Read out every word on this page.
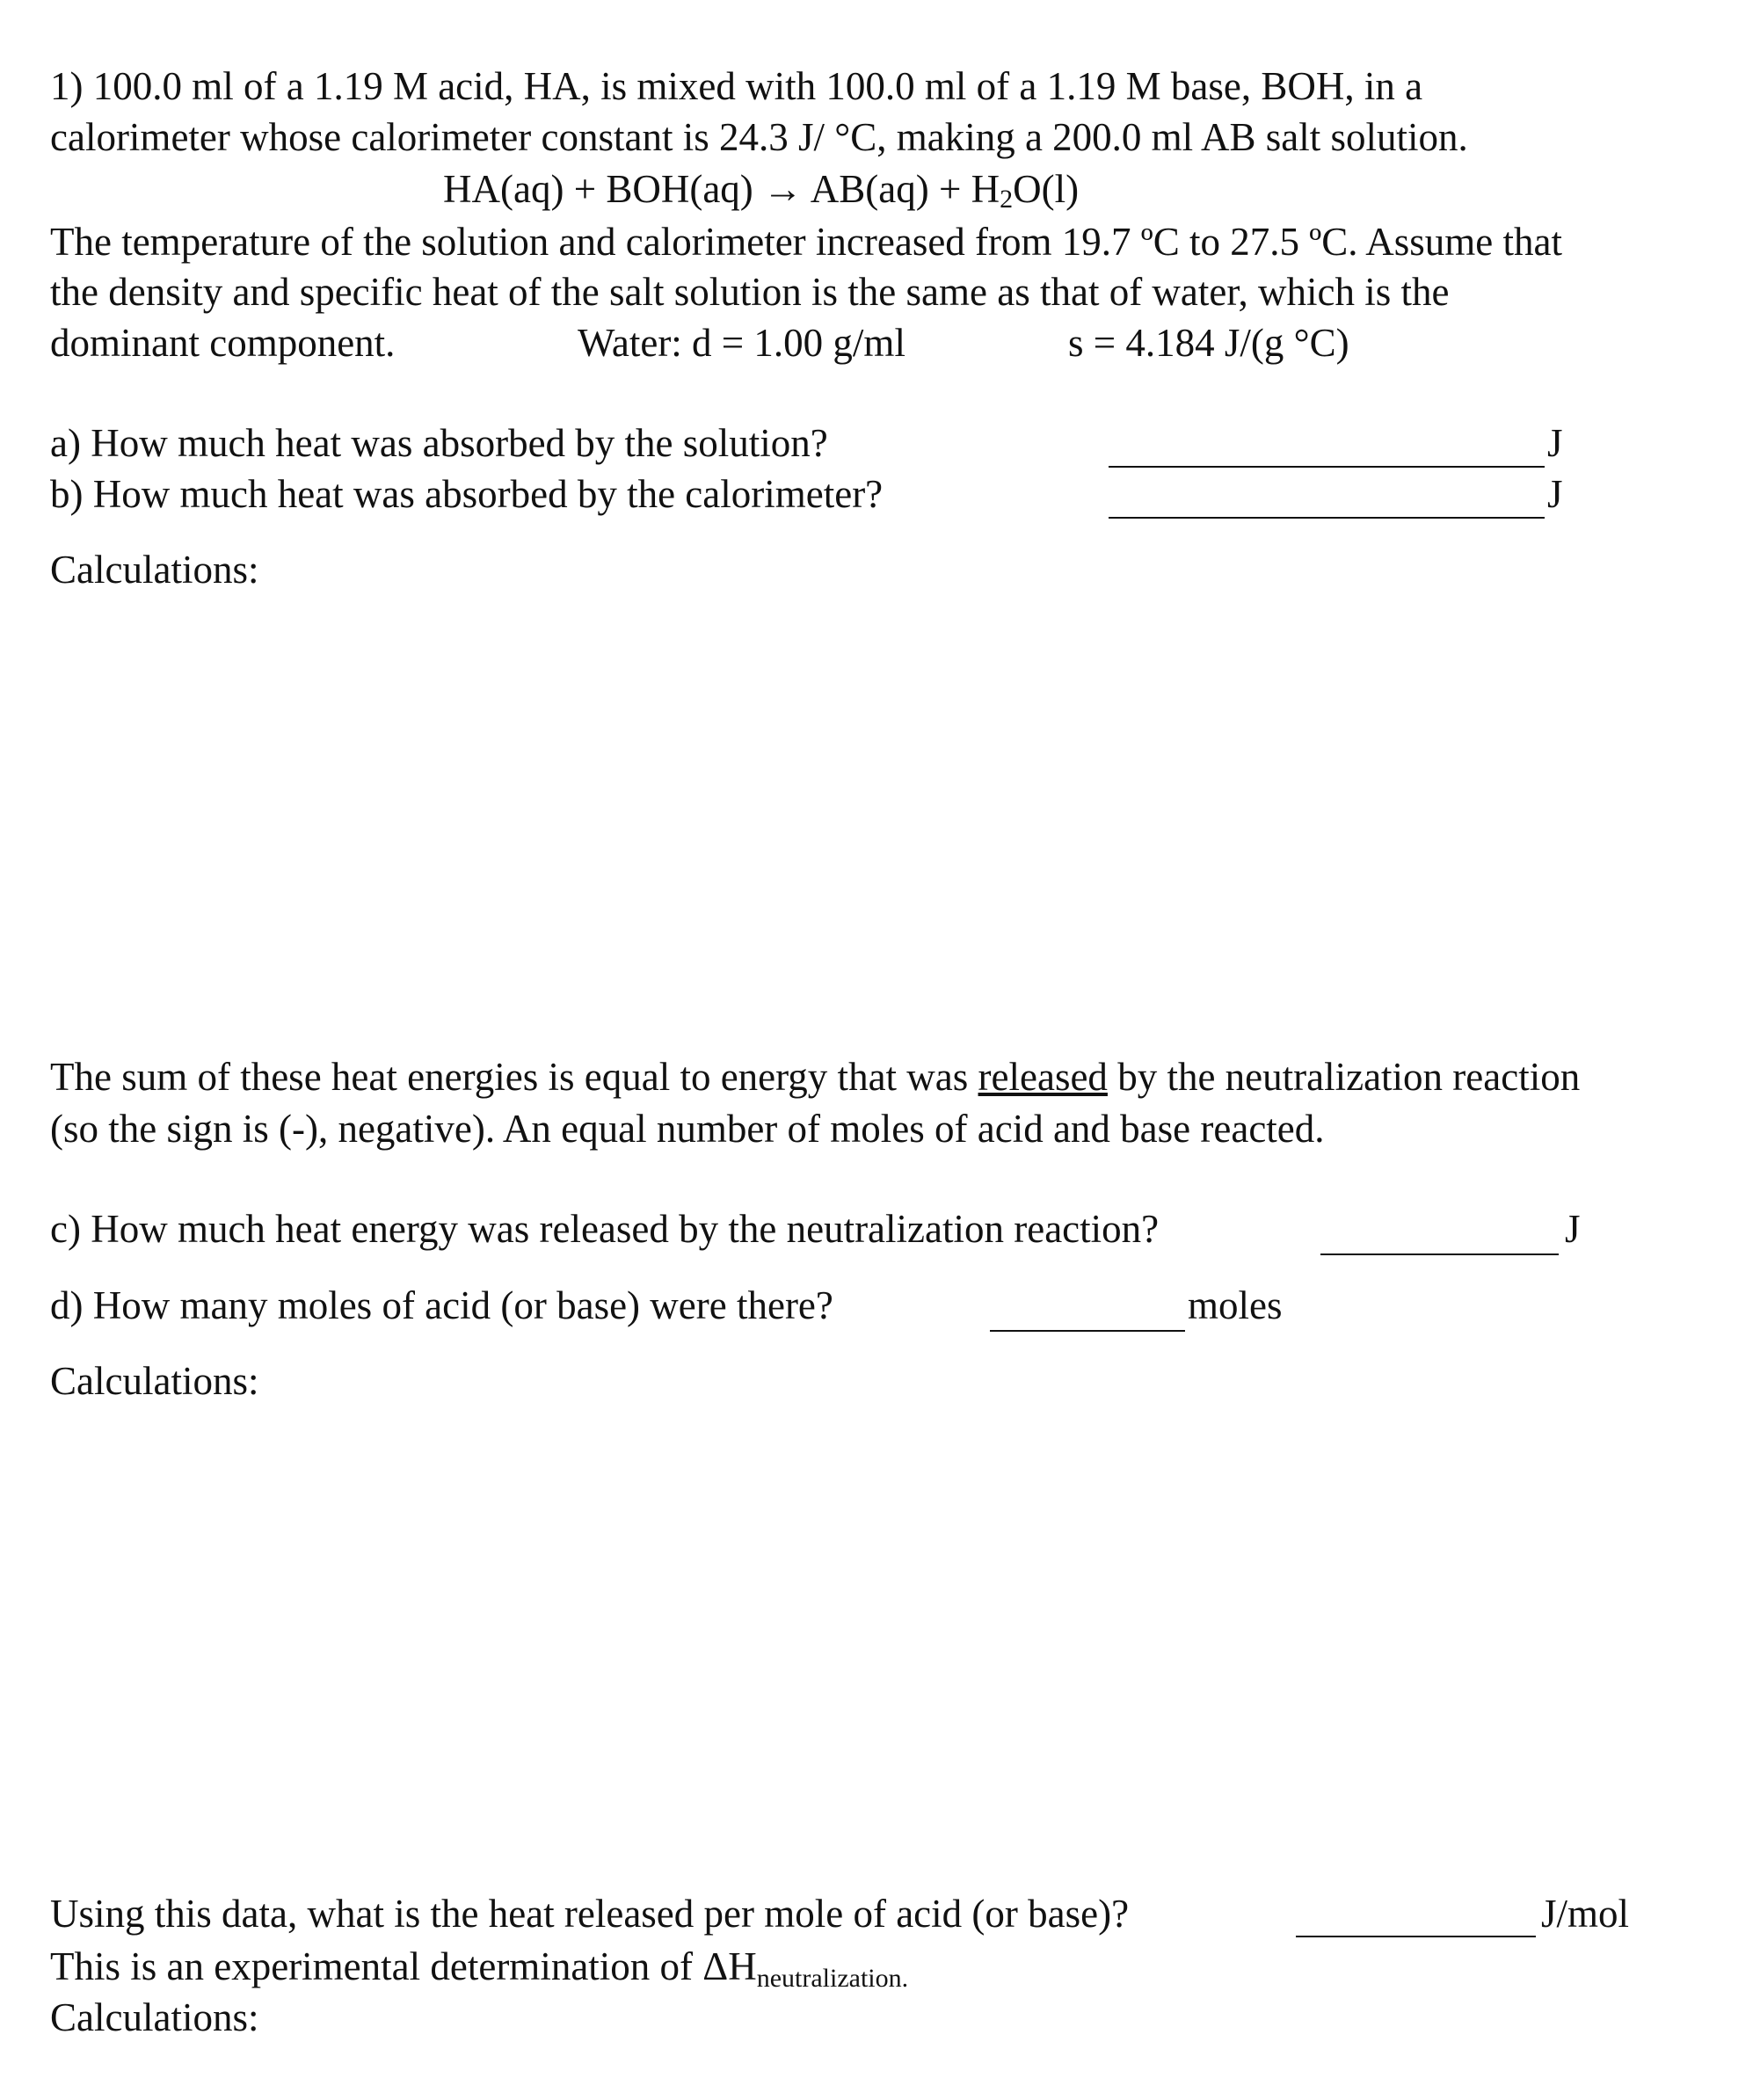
1) 100.0 ml of a 1.19 M acid, HA, is mixed with 100.0 ml of a 1.19 M base, BOH, in a
calorimeter whose calorimeter constant is 24.3 J/ °C, making a 200.0 ml AB salt solution.
$HA(aq) + BOH(aq) \to AB(aq) + H_2O(l)$
The temperature of the solution and calorimeter increased from 19.7 ºC to 27.5 ºC. Assume that
the density and specific heat of the salt solution is the same as that of water, which is the
dominant component.	Water: d = 1.00 g/ml	s = 4.184 J/(g °C)
a) How much heat was absorbed by the solution?	J
b) How much heat was absorbed by the calorimeter?	J
Calculations:
The sum of these heat energies is equal to energy that was released by the neutralization reaction
(so the sign is (-), negative). An equal number of moles of acid and base reacted.
c) How much heat energy was released by the neutralization reaction?	J
d) How many moles of acid (or base) were there?	moles
Calculations:
Using this data, what is the heat released per mole of acid (or base)?	J/mol
This is an experimental determination of ΔHneutralization.
Calculations:
